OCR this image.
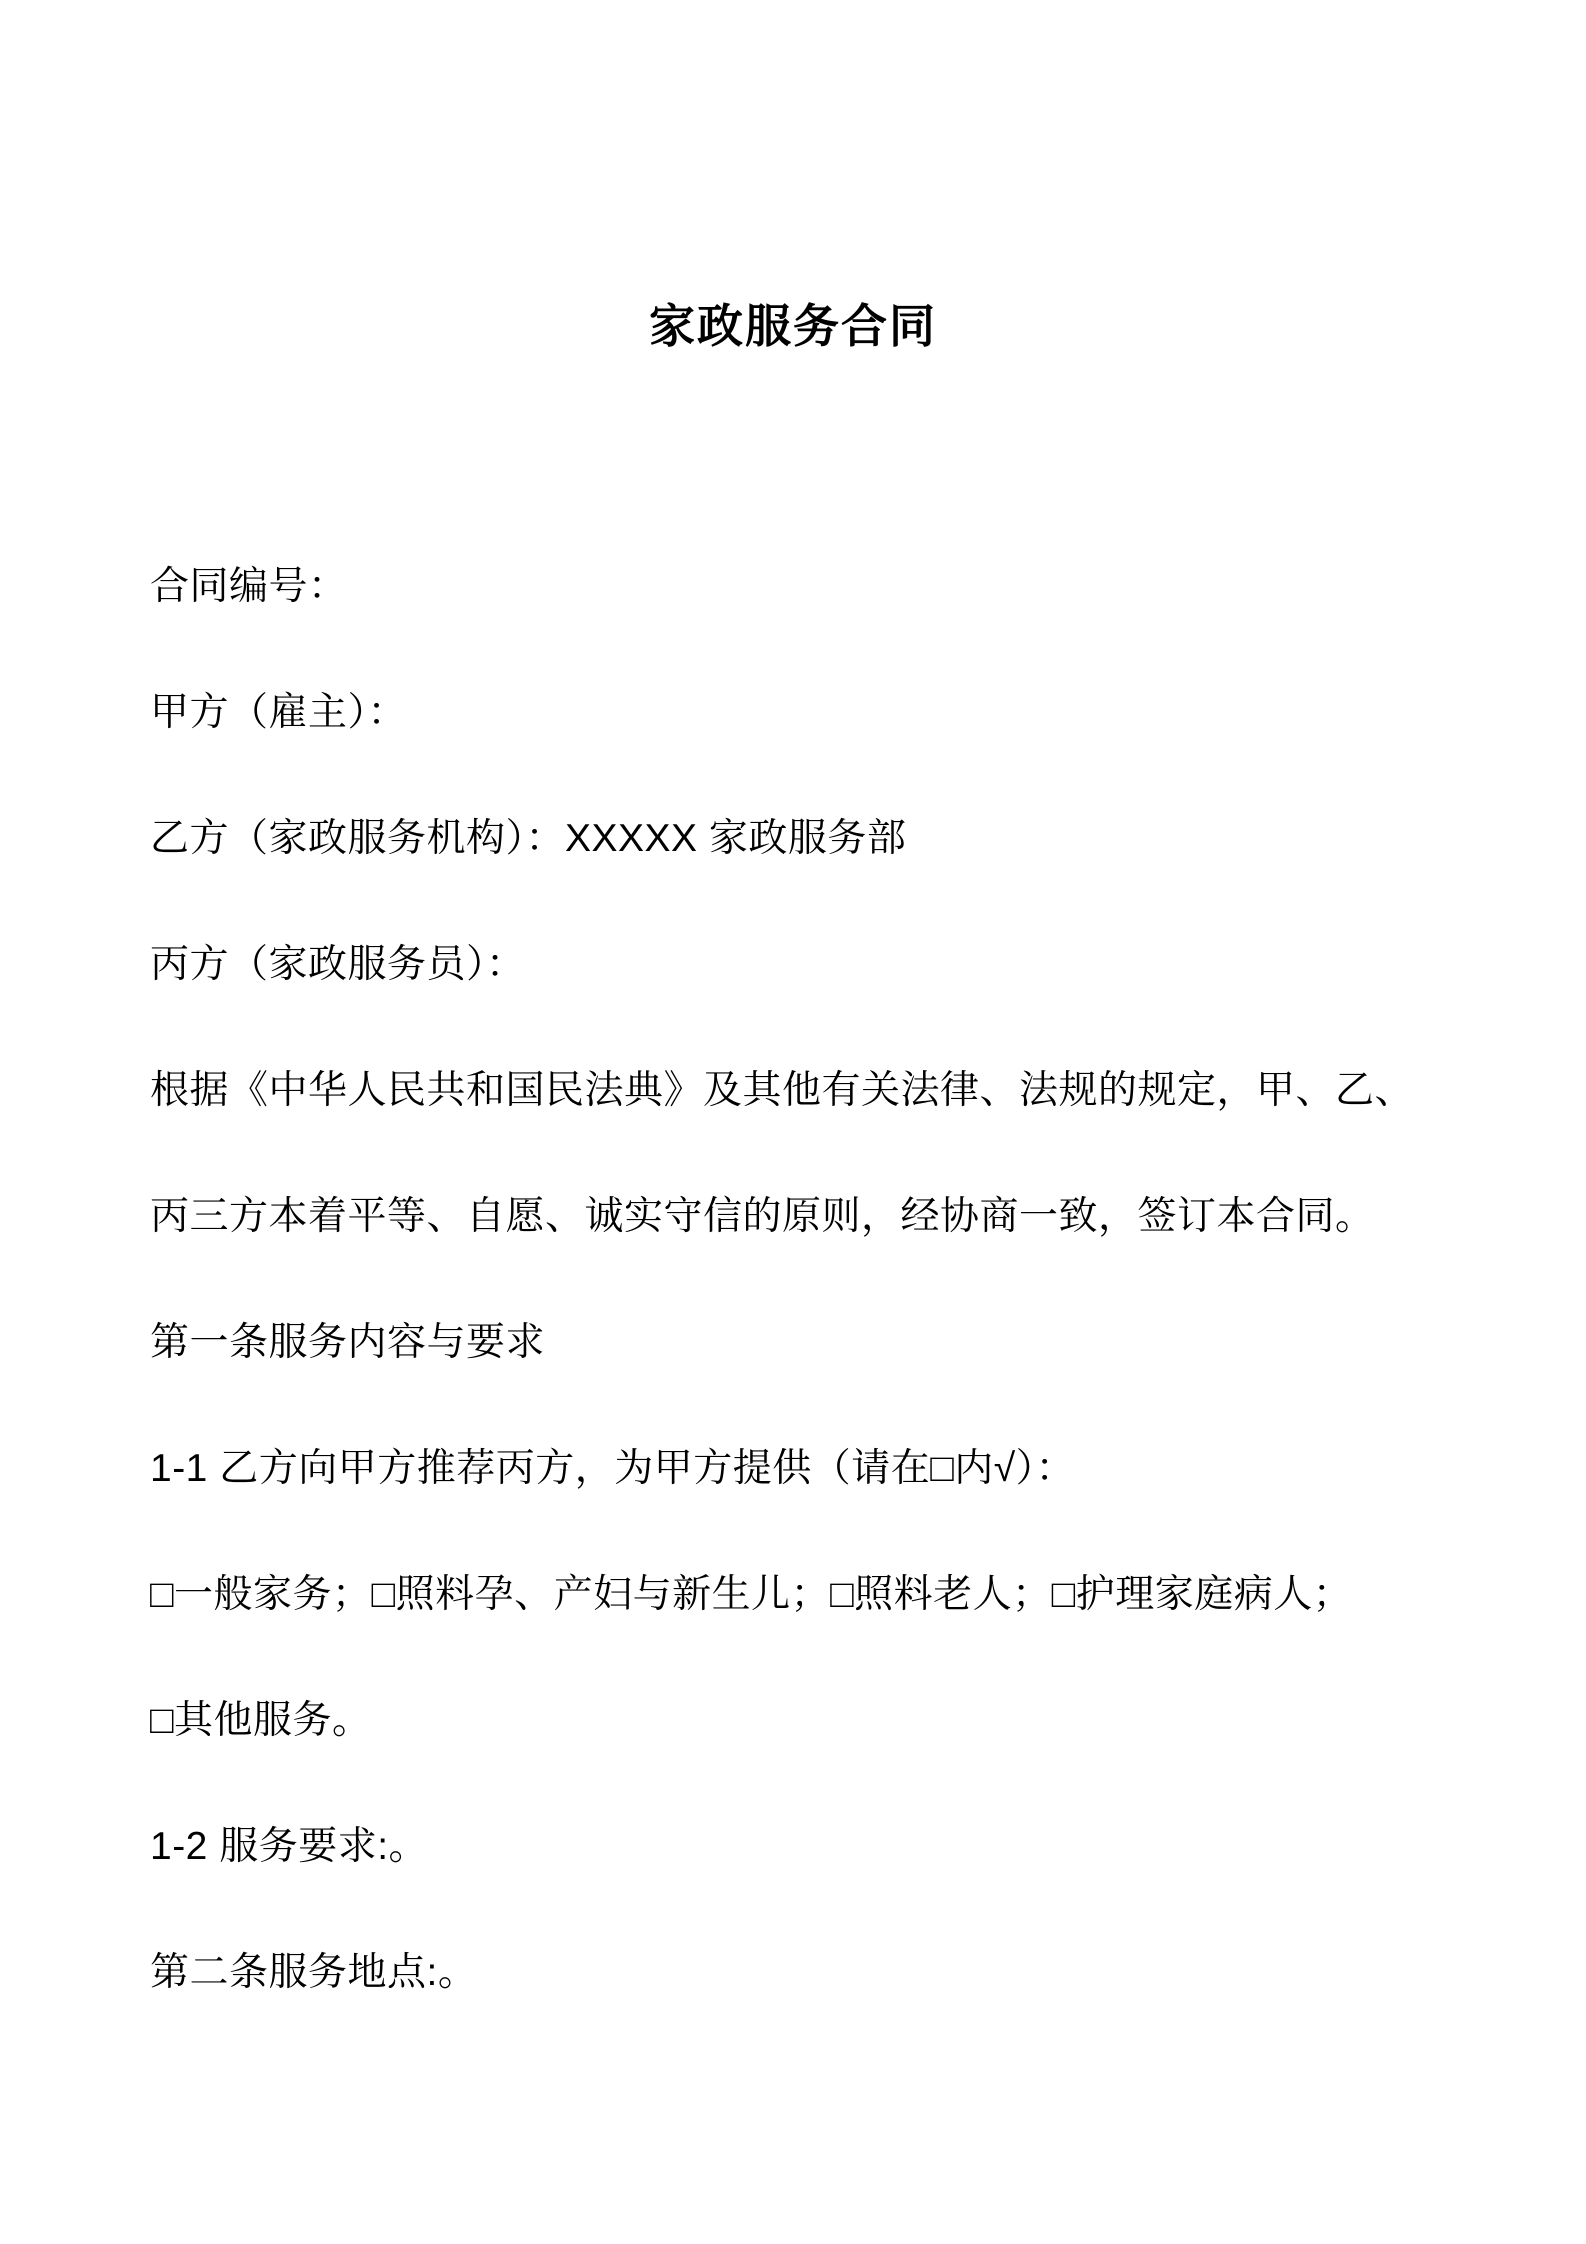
家政服务合同
合同编号：
甲方（雇主）：
乙方（家政服务机构）：XXXXX 家政服务部
丙方（家政服务员）：
根据《中华人民共和国民法典》及其他有关法律、法规的规定，甲、乙、
丙三方本着平等、自愿、诚实守信的原则，经协商一致，签订本合同。
第一条服务内容与要求
1-1 乙方向甲方推荐丙方，为甲方提供（请在□内√）：
□一般家务；□照料孕、产妇与新生儿；□照料老人；□护理家庭病人；
□其他服务。
1-2 服务要求:。
第二条服务地点:。
